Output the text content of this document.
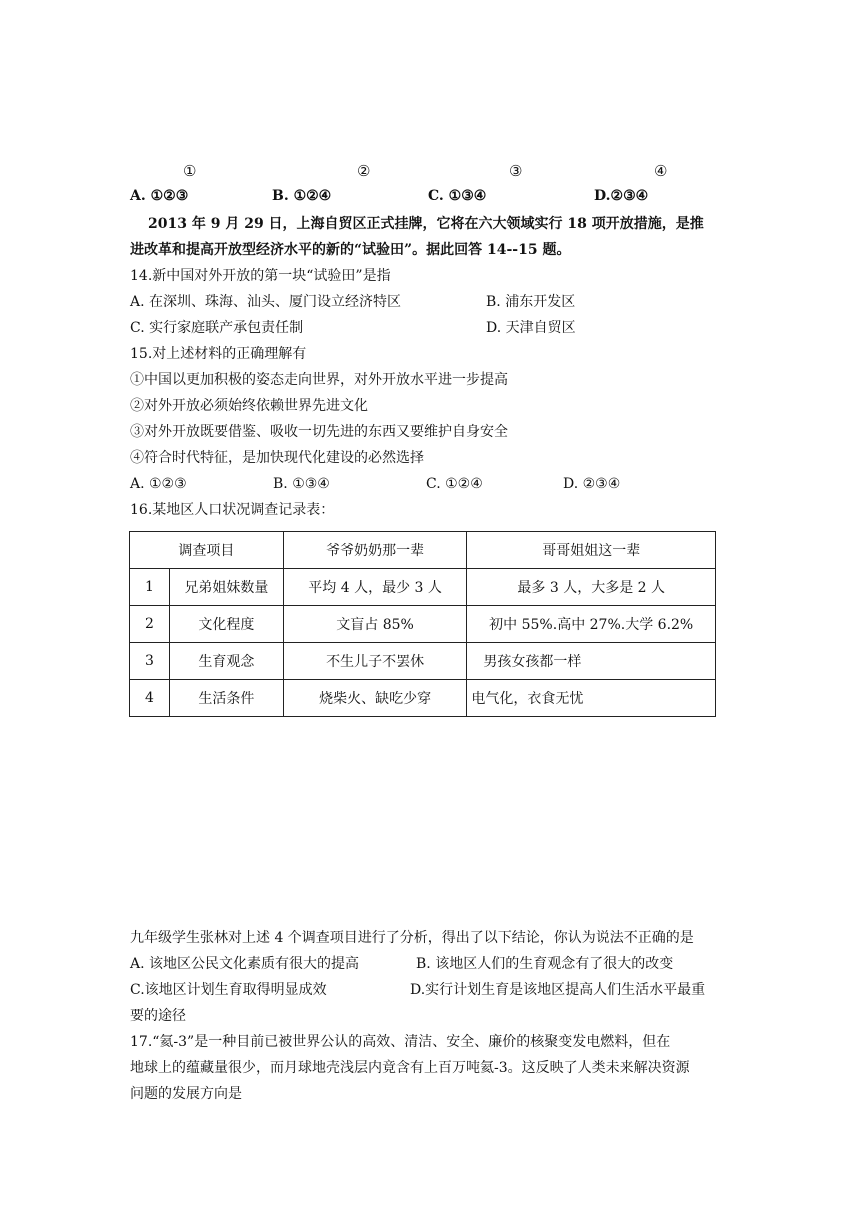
①	②	③	④
A. ①②③	B. ①②④	C. ①③④	D.②③④
2013 年 9 月 29 日，上海自贸区正式挂牌，它将在六大领域实行 18 项开放措施，是推
进改革和提高开放型经济水平的新的“试验田”。据此回答 14--15 题。
14.新中国对外开放的第一块“试验田”是指
A. 在深圳、珠海、汕头、厦门设立经济特区	B. 浦东开发区
C. 实行家庭联产承包责任制	D. 天津自贸区
15.对上述材料的正确理解有
①中国以更加积极的姿态走向世界，对外开放水平进一步提高
②对外开放必须始终依赖世界先进文化
③对外开放既要借鉴、吸收一切先进的东西又要维护自身安全
④符合时代特征，是加快现代化建设的必然选择
A. ①②③	B. ①③④	C. ①②④	D. ②③④
16.某地区人口状况调查记录表：
调查项目	爷爷奶奶那一辈	哥哥姐姐这一辈
1	兄弟姐妹数量	平均 4 人，最少 3 人	最多 3 人，大多是 2 人
2	文化程度	文盲占 85%	初中 55%.高中 27%.大学 6.2%
3	生育观念	不生儿子不罢休	男孩女孩都一样
4	生活条件	烧柴火、缺吃少穿	电气化，衣食无忧
九年级学生张林对上述 4 个调查项目进行了分析，得出了以下结论，你认为说法不正确的是
A. 该地区公民文化素质有很大的提高	B. 该地区人们的生育观念有了很大的改变
C.该地区计划生育取得明显成效	D.实行计划生育是该地区提高人们生活水平最重
要的途径
17.“氦-3”是一种目前已被世界公认的高效、清洁、安全、廉价的核聚变发电燃料，但在
地球上的蕴藏量很少，而月球地壳浅层内竟含有上百万吨氦-3。这反映了人类未来解决资源
问题的发展方向是
